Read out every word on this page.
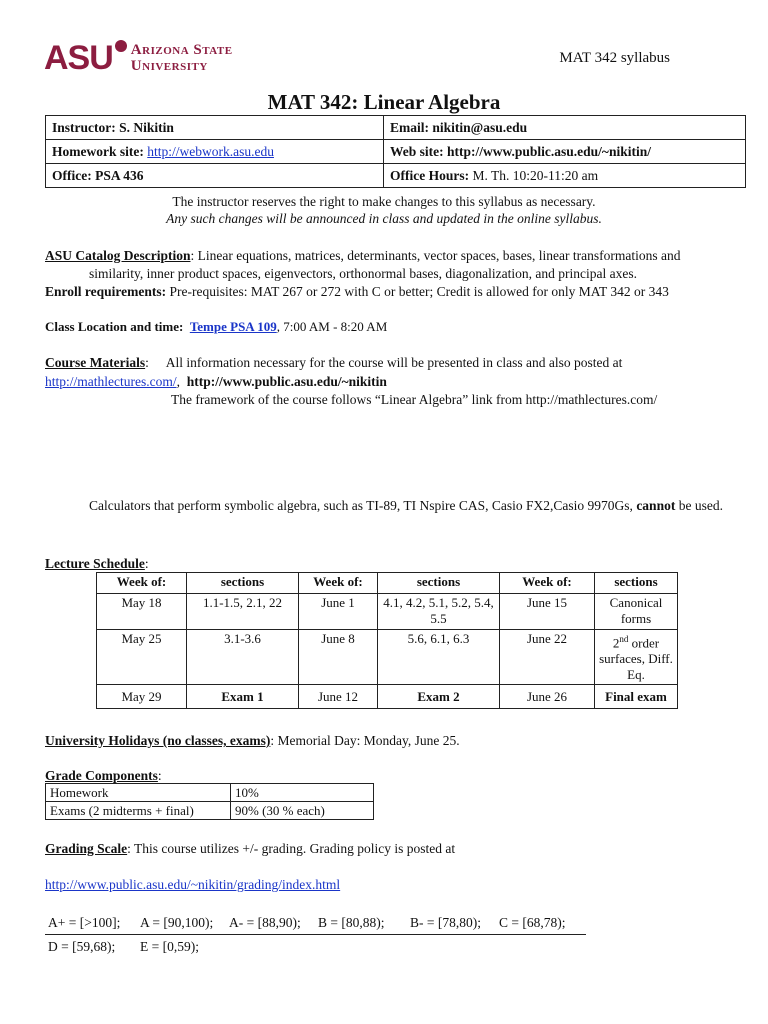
ASU Arizona State
University	MAT 342 syllabus
MAT 342: Linear Algebra
Instructor: S. Nikitin	Email: nikitin@asu.edu
Homework site: http://webwork.asu.edu	Web site: http://www.public.asu.edu/~nikitin/
Office: PSA 436	Office Hours: M. Th. 10:20-11:20 am
The instructor reserves the right to make changes to this syllabus as necessary.
Any such changes will be announced in class and updated in the online syllabus.
ASU Catalog Description: Linear equations, matrices, determinants, vector spaces, bases, linear transformations and
similarity, inner product spaces, eigenvectors, orthonormal bases, diagonalization, and principal axes.
Enroll requirements: Pre-requisites: MAT 267 or 272 with C or better; Credit is allowed for only MAT 342 or 343
Class Location and time: Tempe PSA 109, 7:00 AM - 8:20 AM
Course Materials: All information necessary for the course will be presented in class and also posted at
http://mathlectures.com/, http://www.public.asu.edu/~nikitin
The framework of the course follows “Linear Algebra” link from http://mathlectures.com/
Calculators that perform symbolic algebra, such as TI-89, TI Nspire CAS, Casio FX2,Casio 9970Gs, cannot be used.
Lecture Schedule:
Week of:	sections	Week of:	sections	Week of:	sections
May 18	1.1-1.5, 2.1, 22	June 1	4.1, 4.2, 5.1, 5.2, 5.4, 5.5	June 15	Canonical forms
May 25	3.1-3.6	June 8	5.6, 6.1, 6.3	June 22	2nd order surfaces, Diff. Eq.
May 29	Exam 1	June 12	Exam 2	June 26	Final exam
University Holidays (no classes, exams): Memorial Day: Monday, June 25.
Grade Components:
Homework	10%
Exams (2 midterms + final)	90% (30 % each)
Grading Scale: This course utilizes +/- grading. Grading policy is posted at
http://www.public.asu.edu/~nikitin/grading/index.html
A+ = [>100]; A = [90,100); A- = [88,90); B = [80,88); B- = [78,80); C = [68,78);
D = [59,68); E = [0,59);
